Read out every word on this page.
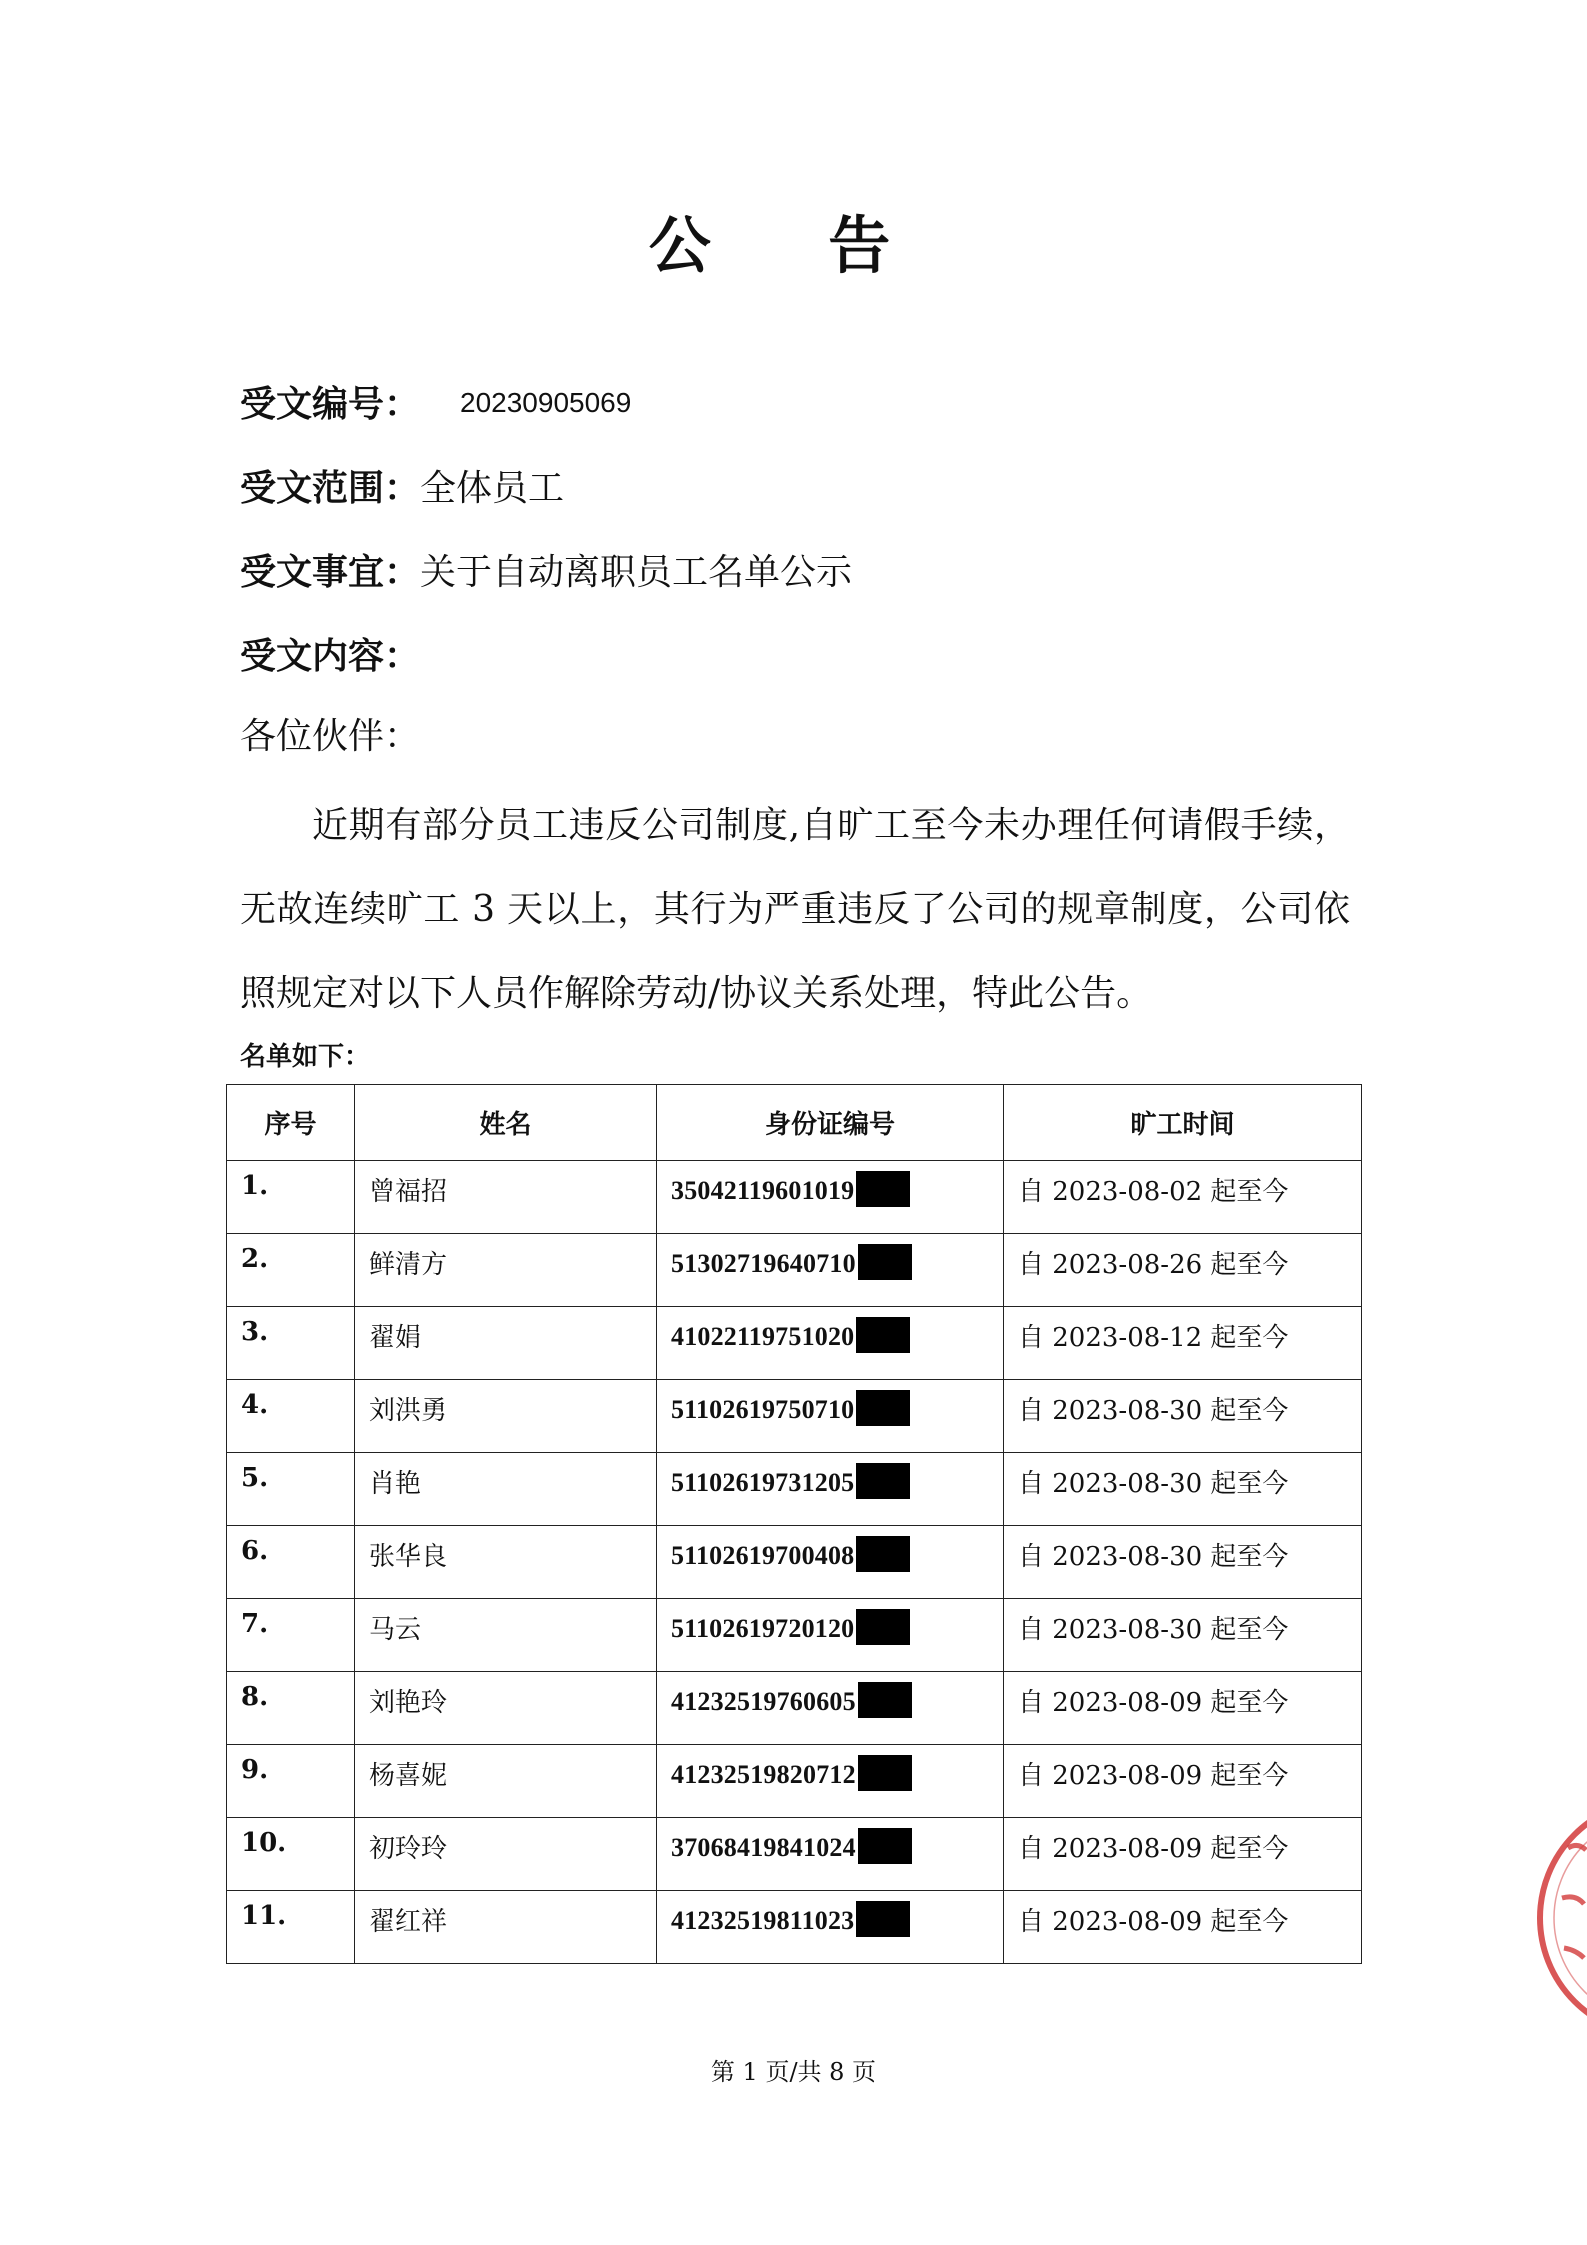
公 告
受文编号： 20230905069
受文范围：全体员工
受文事宜：关于自动离职员工名单公示
受文内容：
各位伙伴：
近期有部分员工违反公司制度,自旷工至今未办理任何请假手续，无故连续旷工 3 天以上，其行为严重违反了公司的规章制度，公司依照规定对以下人员作解除劳动/协议关系处理，特此公告。
名单如下：
序号	姓名	身份证编号	旷工时间
1.	曾福招	35042119601019	自 2023-08-02 起至今
2.	鲜清方	51302719640710	自 2023-08-26 起至今
3.	翟娟	41022119751020	自 2023-08-12 起至今
4.	刘洪勇	51102619750710	自 2023-08-30 起至今
5.	肖艳	51102619731205	自 2023-08-30 起至今
6.	张华良	51102619700408	自 2023-08-30 起至今
7.	马云	51102619720120	自 2023-08-30 起至今
8.	刘艳玲	41232519760605	自 2023-08-09 起至今
9.	杨喜妮	41232519820712	自 2023-08-09 起至今
10.	初玲玲	37068419841024	自 2023-08-09 起至今
11.	翟红祥	41232519811023	自 2023-08-09 起至今
第 1 页/共 8 页
